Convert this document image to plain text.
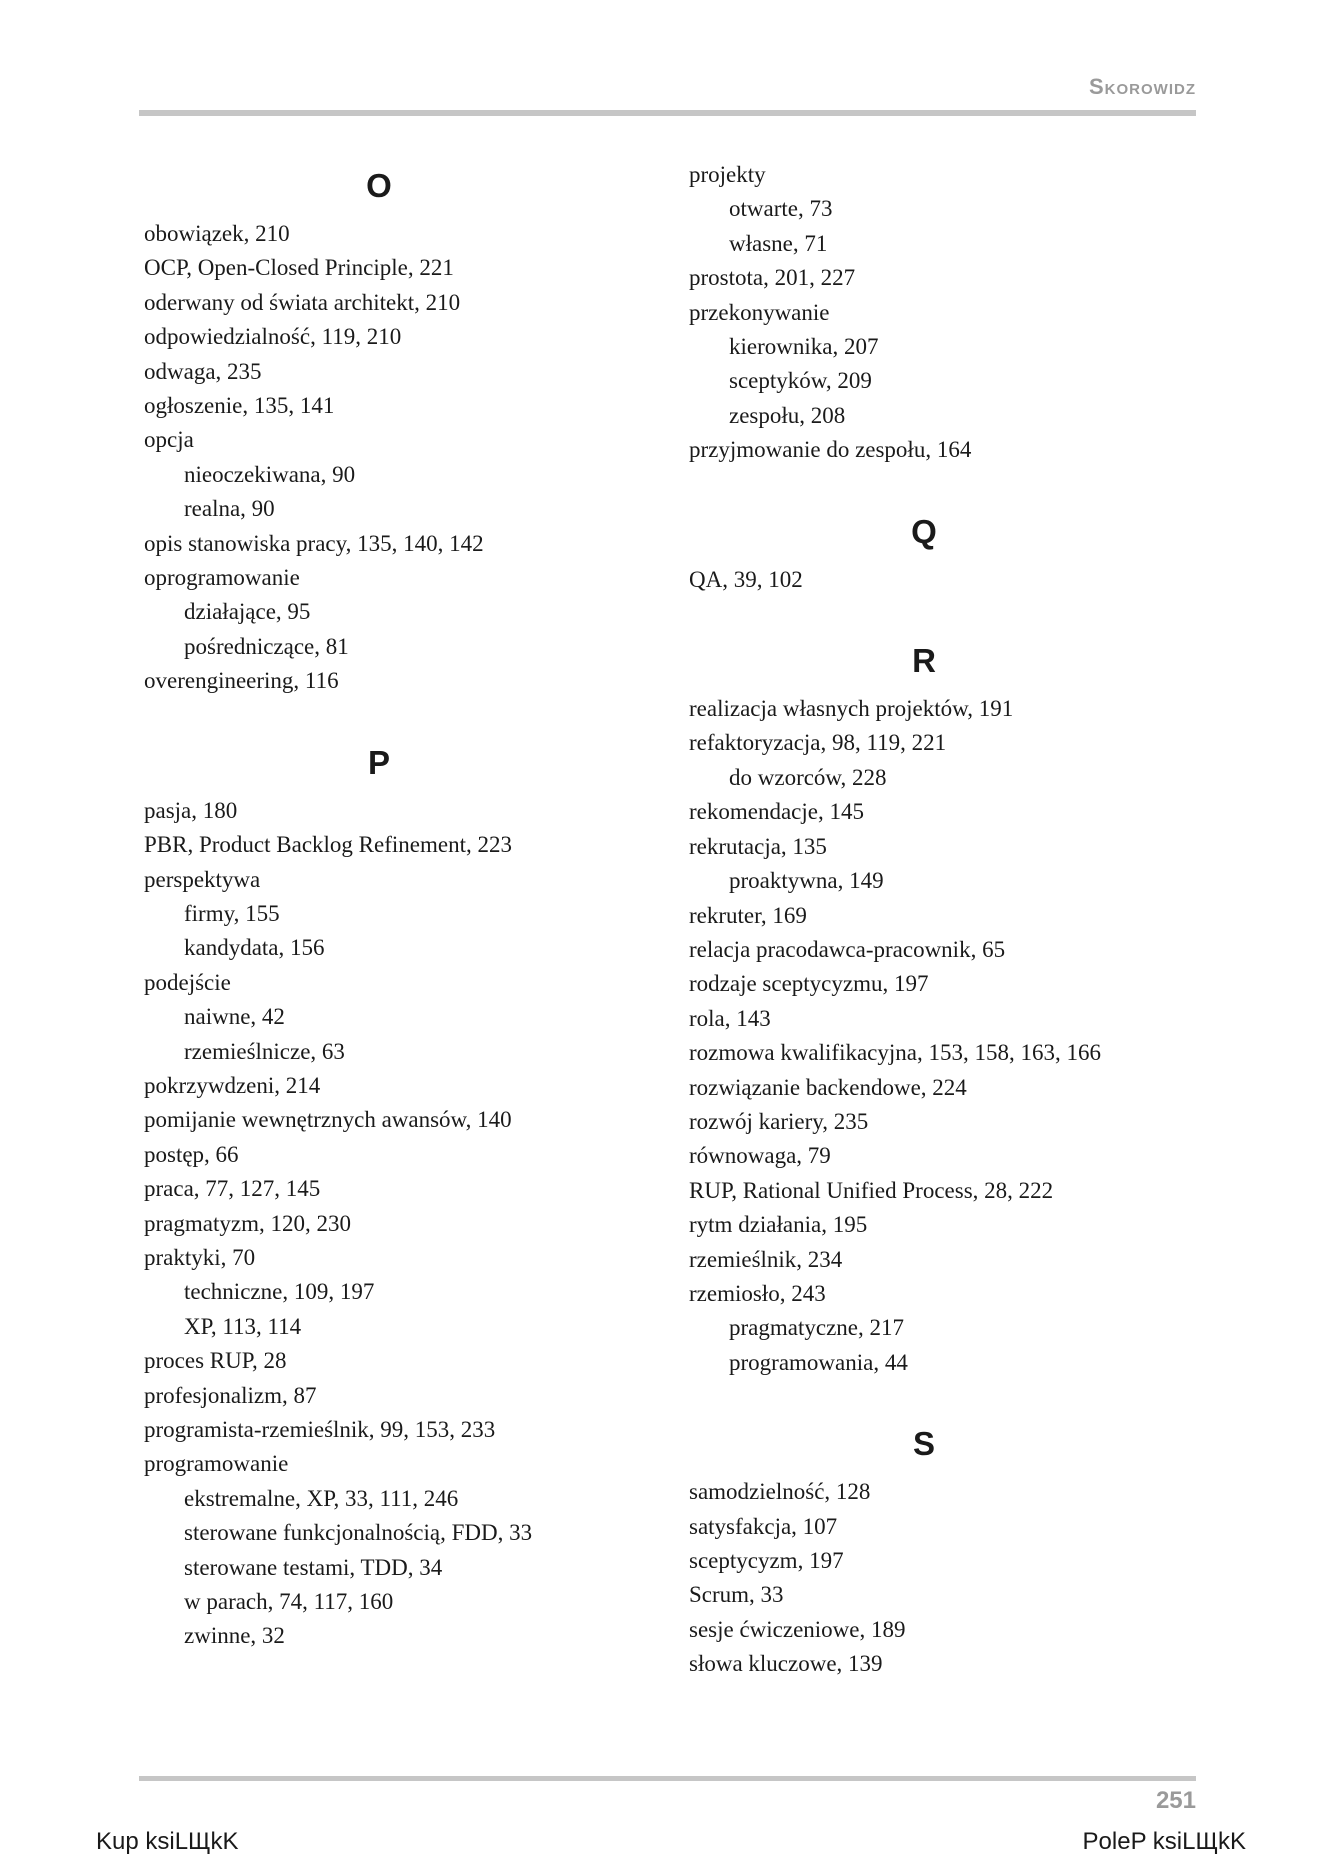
Skorowidz
O
obowiązek, 210
OCP, Open-Closed Principle, 221
oderwany od świata architekt, 210
odpowiedzialność, 119, 210
odwaga, 235
ogłoszenie, 135, 141
opcja
nieoczekiwana, 90
realna, 90
opis stanowiska pracy, 135, 140, 142
oprogramowanie
działające, 95
pośredniczące, 81
overengineering, 116
P
pasja, 180
PBR, Product Backlog Refinement, 223
perspektywa
firmy, 155
kandydata, 156
podejście
naiwne, 42
rzemieślnicze, 63
pokrzywdzeni, 214
pomijanie wewnętrznych awansów, 140
postęp, 66
praca, 77, 127, 145
pragmatyzm, 120, 230
praktyki, 70
techniczne, 109, 197
XP, 113, 114
proces RUP, 28
profesjonalizm, 87
programista-rzemieślnik, 99, 153, 233
programowanie
ekstremalne, XP, 33, 111, 246
sterowane funkcjonalnością, FDD, 33
sterowane testami, TDD, 34
w parach, 74, 117, 160
zwinne, 32
projekty
otwarte, 73
własne, 71
prostota, 201, 227
przekonywanie
kierownika, 207
sceptyków, 209
zespołu, 208
przyjmowanie do zespołu, 164
Q
QA, 39, 102
R
realizacja własnych projektów, 191
refaktoryzacja, 98, 119, 221
do wzorców, 228
rekomendacje, 145
rekrutacja, 135
proaktywna, 149
rekruter, 169
relacja pracodawca-pracownik, 65
rodzaje sceptycyzmu, 197
rola, 143
rozmowa kwalifikacyjna, 153, 158, 163, 166
rozwiązanie backendowe, 224
rozwój kariery, 235
równowaga, 79
RUP, Rational Unified Process, 28, 222
rytm działania, 195
rzemieślnik, 234
rzemiosło, 243
pragmatyczne, 217
programowania, 44
S
samodzielność, 128
satysfakcja, 107
sceptycyzm, 197
Scrum, 33
sesje ćwiczeniowe, 189
słowa kluczowe, 139
251
Kup ksiLЩkK	PoleP ksiLЩkK
